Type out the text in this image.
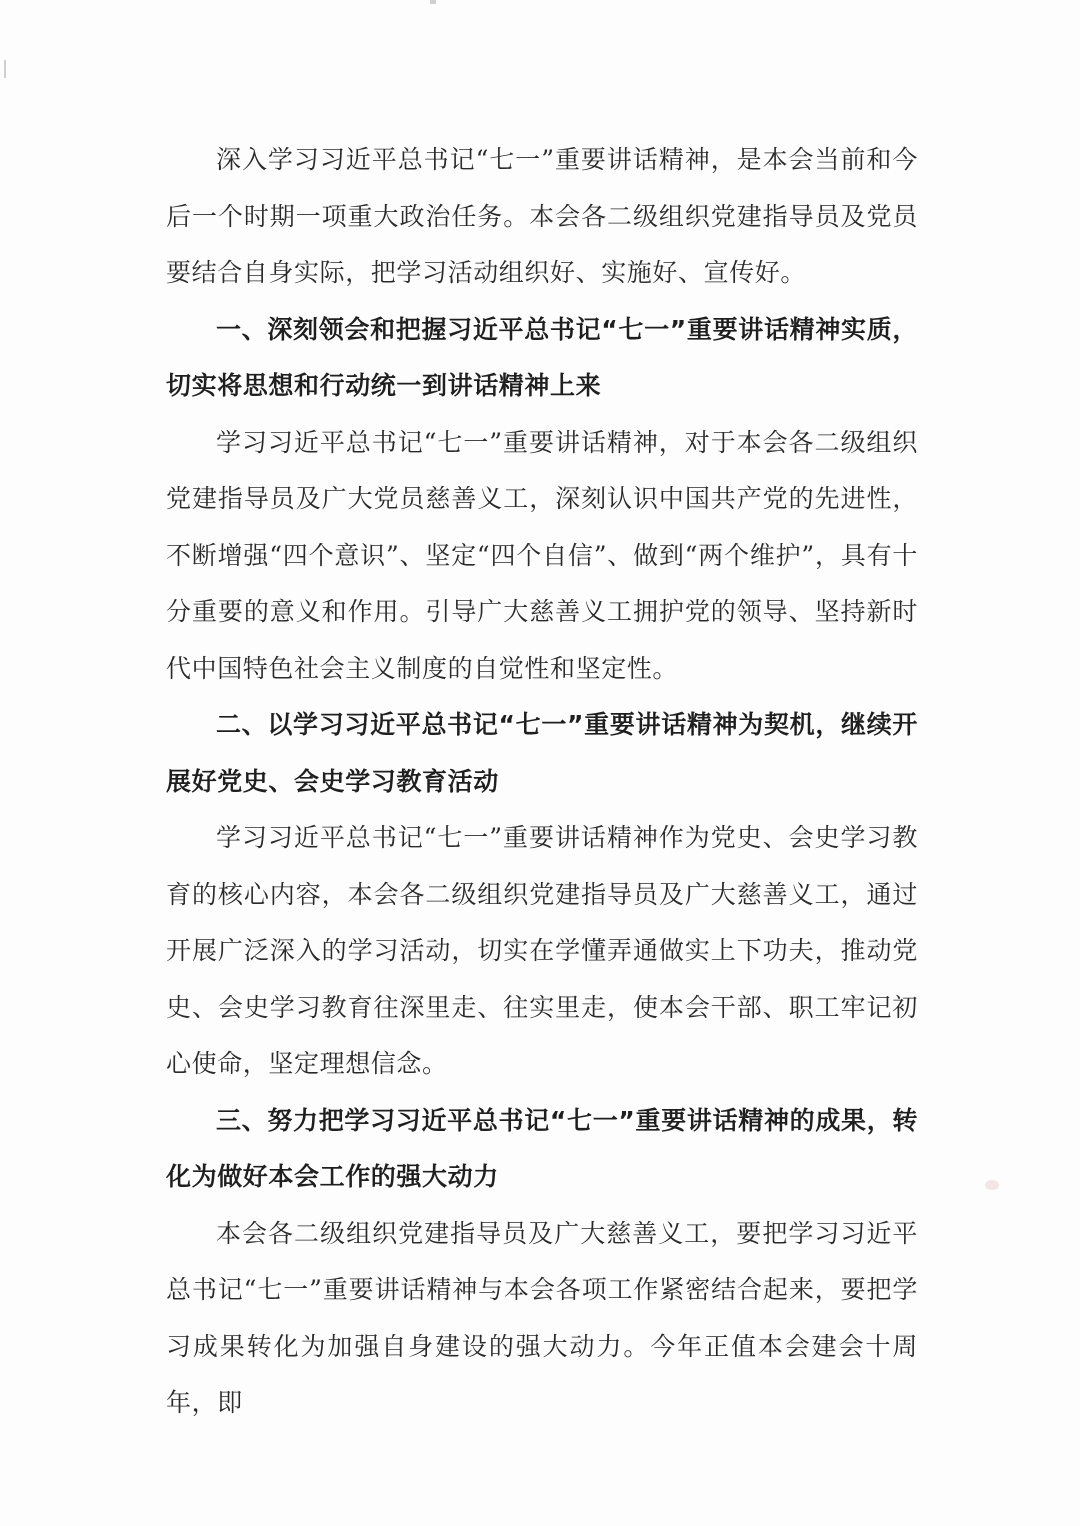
深入学习习近平总书记“七一”重要讲话精神，是本会当前和今后一个时期一项重大政治任务。本会各二级组织党建指导员及党员要结合自身实际，把学习活动组织好、实施好、宣传好。

一、深刻领会和把握习近平总书记“七一”重要讲话精神实质，切实将思想和行动统一到讲话精神上来

学习习近平总书记“七一”重要讲话精神，对于本会各二级组织党建指导员及广大党员慈善义工，深刻认识中国共产党的先进性，不断增强“四个意识”、坚定“四个自信”、做到“两个维护”，具有十分重要的意义和作用。引导广大慈善义工拥护党的领导、坚持新时代中国特色社会主义制度的自觉性和坚定性。

二、以学习习近平总书记“七一”重要讲话精神为契机，继续开展好党史、会史学习教育活动

学习习近平总书记“七一”重要讲话精神作为党史、会史学习教育的核心内容，本会各二级组织党建指导员及广大慈善义工，通过开展广泛深入的学习活动，切实在学懂弄通做实上下功夫，推动党史、会史学习教育往深里走、往实里走，使本会干部、职工牢记初心使命，坚定理想信念。

三、努力把学习习近平总书记“七一”重要讲话精神的成果，转化为做好本会工作的强大动力

本会各二级组织党建指导员及广大慈善义工，要把学习习近平总书记“七一”重要讲话精神与本会各项工作紧密结合起来，要把学习成果转化为加强自身建设的强大动力。今年正值本会建会十周年，即
